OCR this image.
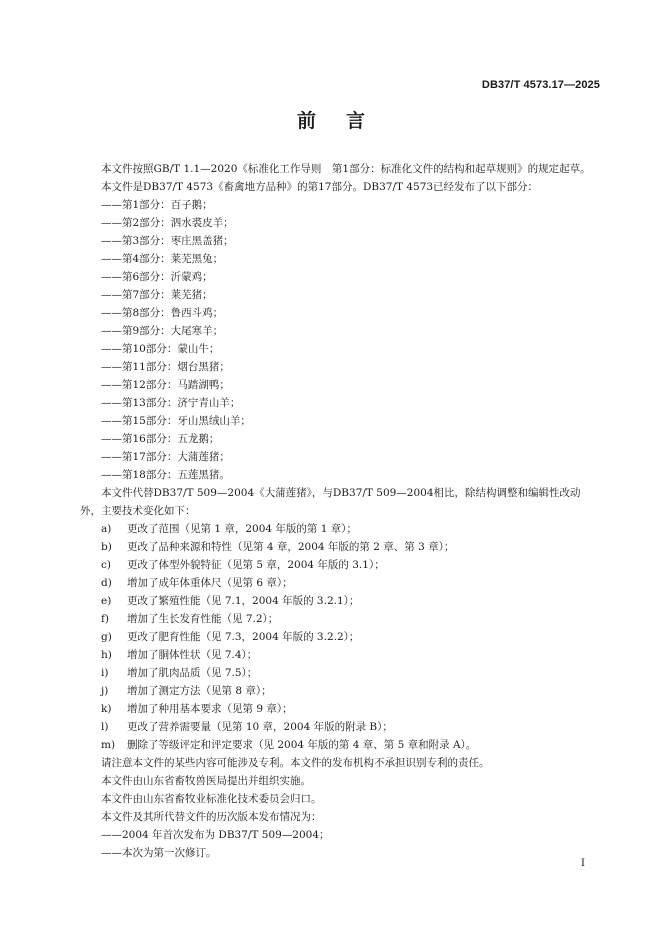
DB37/T 4573.17—2025
前言

本文件按照GB/T 1.1—2020《标准化工作导则　第1部分：标准化文件的结构和起草规则》的规定起草。

本文件是DB37/T 4573《畜禽地方品种》的第17部分。DB37/T 4573已经发布了以下部分：

——第1部分：百子鹅；

——第2部分：泗水裘皮羊；

——第3部分：枣庄黑盖猪；

——第4部分：莱芜黑兔；

——第6部分：沂蒙鸡；

——第7部分：莱芜猪；

——第8部分：鲁西斗鸡；

——第9部分：大尾寒羊；

——第10部分：蒙山牛；

——第11部分：烟台黑猪；

——第12部分：马踏湖鸭；

——第13部分：济宁青山羊；

——第15部分：牙山黑绒山羊；

——第16部分：五龙鹅；

——第17部分：大蒲莲猪；

——第18部分：五莲黑猪。

本文件代替DB37/T 509—2004《大蒲莲猪》，与DB37/T 509—2004相比，除结构调整和编辑性改动外，主要技术变化如下：

a)	更改了范围（见第 1 章，2004 年版的第 1 章）；

b)	更改了品种来源和特性（见第 4 章，2004 年版的第 2 章、第 3 章）；

c)	更改了体型外貌特征（见第 5 章，2004 年版的 3.1）；

d)	增加了成年体重体尺（见第 6 章）；

e)	更改了繁殖性能（见 7.1，2004 年版的 3.2.1）；

f)	增加了生长发育性能（见 7.2）；

g)	更改了肥育性能（见 7.3，2004 年版的 3.2.2）；

h)	增加了胴体性状（见 7.4）；

i)	增加了肌肉品质（见 7.5）；

j)	增加了测定方法（见第 8 章）；

k)	增加了种用基本要求（见第 9 章）；

l)	更改了营养需要量（见第 10 章，2004 年版的附录 B）；

m)	删除了等级评定和评定要求（见 2004 年版的第 4 章、第 5 章和附录 A）。

请注意本文件的某些内容可能涉及专利。本文件的发布机构不承担识别专利的责任。

本文件由山东省畜牧兽医局提出并组织实施。

本文件由山东省畜牧业标准化技术委员会归口。

本文件及其所代替文件的历次版本发布情况为：

——2004 年首次发布为 DB37/T 509—2004；

——本次为第一次修订。

I
